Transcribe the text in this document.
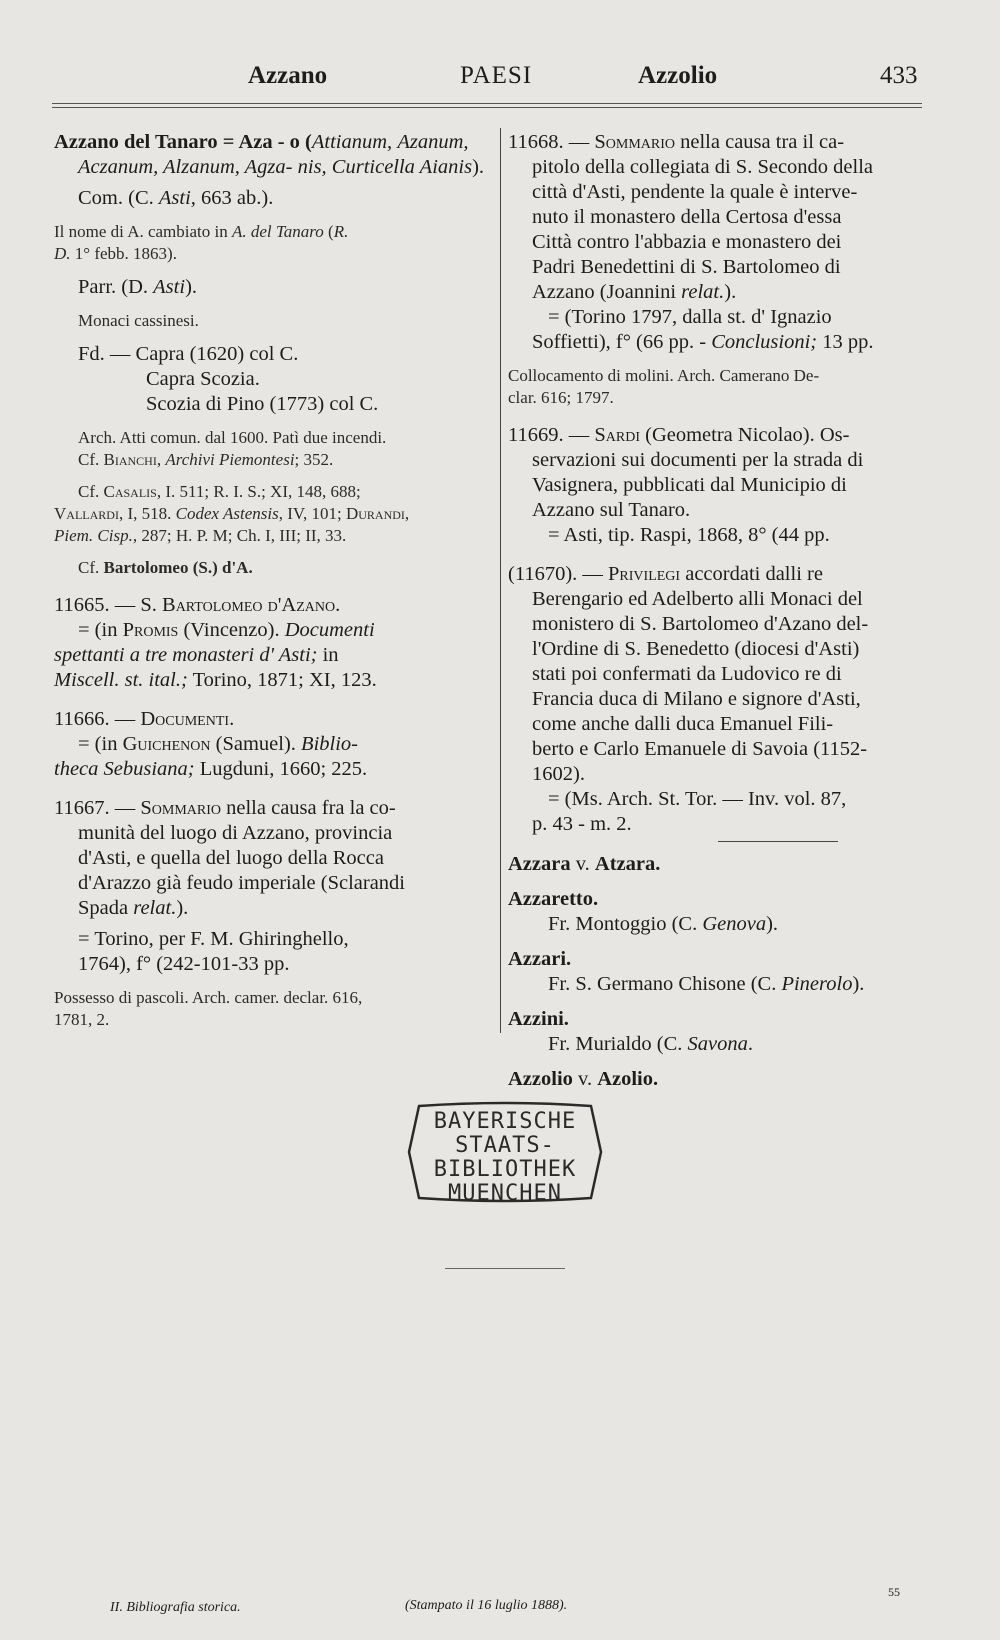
Azzano	PAESI	Azzolio	433

Azzano del Tanaro = Aza - o (Attianum, Azanum, Aczanum, Alzanum, Agza- nis, Curticella Aianis).

Com. (C. Asti, 663 ab.).

Il nome di A. cambiato in A. del Tanaro (R.
D. 1° febb. 1863).

Parr. (D. Asti).

Monaci cassinesi.

Fd. — Capra (1620) col C.

Capra Scozia.

Scozia di Pino (1773) col C.

Arch. Atti comun. dal 1600. Patì due incendi.

Cf. Bianchi, Archivi Piemontesi; 352.

Cf. Casalis, I. 511; R. I. S.; XI, 148, 688;
Vallardi, I, 518. Codex Astensis, IV, 101; Durandi,
Piem. Cisp., 287; H. P. M; Ch. I, III; II, 33.

Cf. Bartolomeo (S.) d'A.

11665. — S. Bartolomeo d'Azano.

= (in Promis (Vincenzo). Documenti

spettanti a tre monasteri d' Asti; in

Miscell. st. ital.; Torino, 1871; XI, 123.

11666. — Documenti.

= (in Guichenon (Samuel). Biblio-

theca Sebusiana; Lugduni, 1660; 225.

11667. — Sommario nella causa fra la co-

munità del luogo di Azzano, provincia

d'Asti, e quella del luogo della Rocca

d'Arazzo già feudo imperiale (Sclarandi

Spada relat.).

= Torino, per F. M. Ghiringhello,

1764), f° (242-101-33 pp.

Possesso di pascoli. Arch. camer. declar. 616,

1781, 2.

11668. — Sommario nella causa tra il ca-

pitolo della collegiata di S. Secondo della

città d'Asti, pendente la quale è interve-

nuto il monastero della Certosa d'essa

Città contro l'abbazia e monastero dei

Padri Benedettini di S. Bartolomeo di

Azzano (Joannini relat.).

= (Torino 1797, dalla st. d' Ignazio

Soffietti), f° (66 pp. - Conclusioni; 13 pp.

Collocamento di molini. Arch. Camerano De-

clar. 616; 1797.

11669. — Sardi (Geometra Nicolao). Os-

servazioni sui documenti per la strada di

Vasignera, pubblicati dal Municipio di

Azzano sul Tanaro.

= Asti, tip. Raspi, 1868, 8° (44 pp.

(11670). — Privilegi accordati dalli re

Berengario ed Adelberto alli Monaci del

monistero di S. Bartolomeo d'Azano del-

l'Ordine di S. Benedetto (diocesi d'Asti)

stati poi confermati da Ludovico re di

Francia duca di Milano e signore d'Asti,

come anche dalli duca Emanuel Fili-

berto e Carlo Emanuele di Savoia (1152-

1602).

= (Ms. Arch. St. Tor. — Inv. vol. 87,

p. 43 - m. 2.

Azzara v. Atzara.

Azzaretto.

Fr. Montoggio (C. Genova).

Azzari.

Fr. S. Germano Chisone (C. Pinerolo).

Azzini.

Fr. Murialdo (C. Savona.

Azzolio v. Azolio.

BAYERISCHE
STAATS-
BIBLIOTHEK
MUENCHEN
II. Bibliografia storica.	(Stampato il 16 luglio 1888).
55
